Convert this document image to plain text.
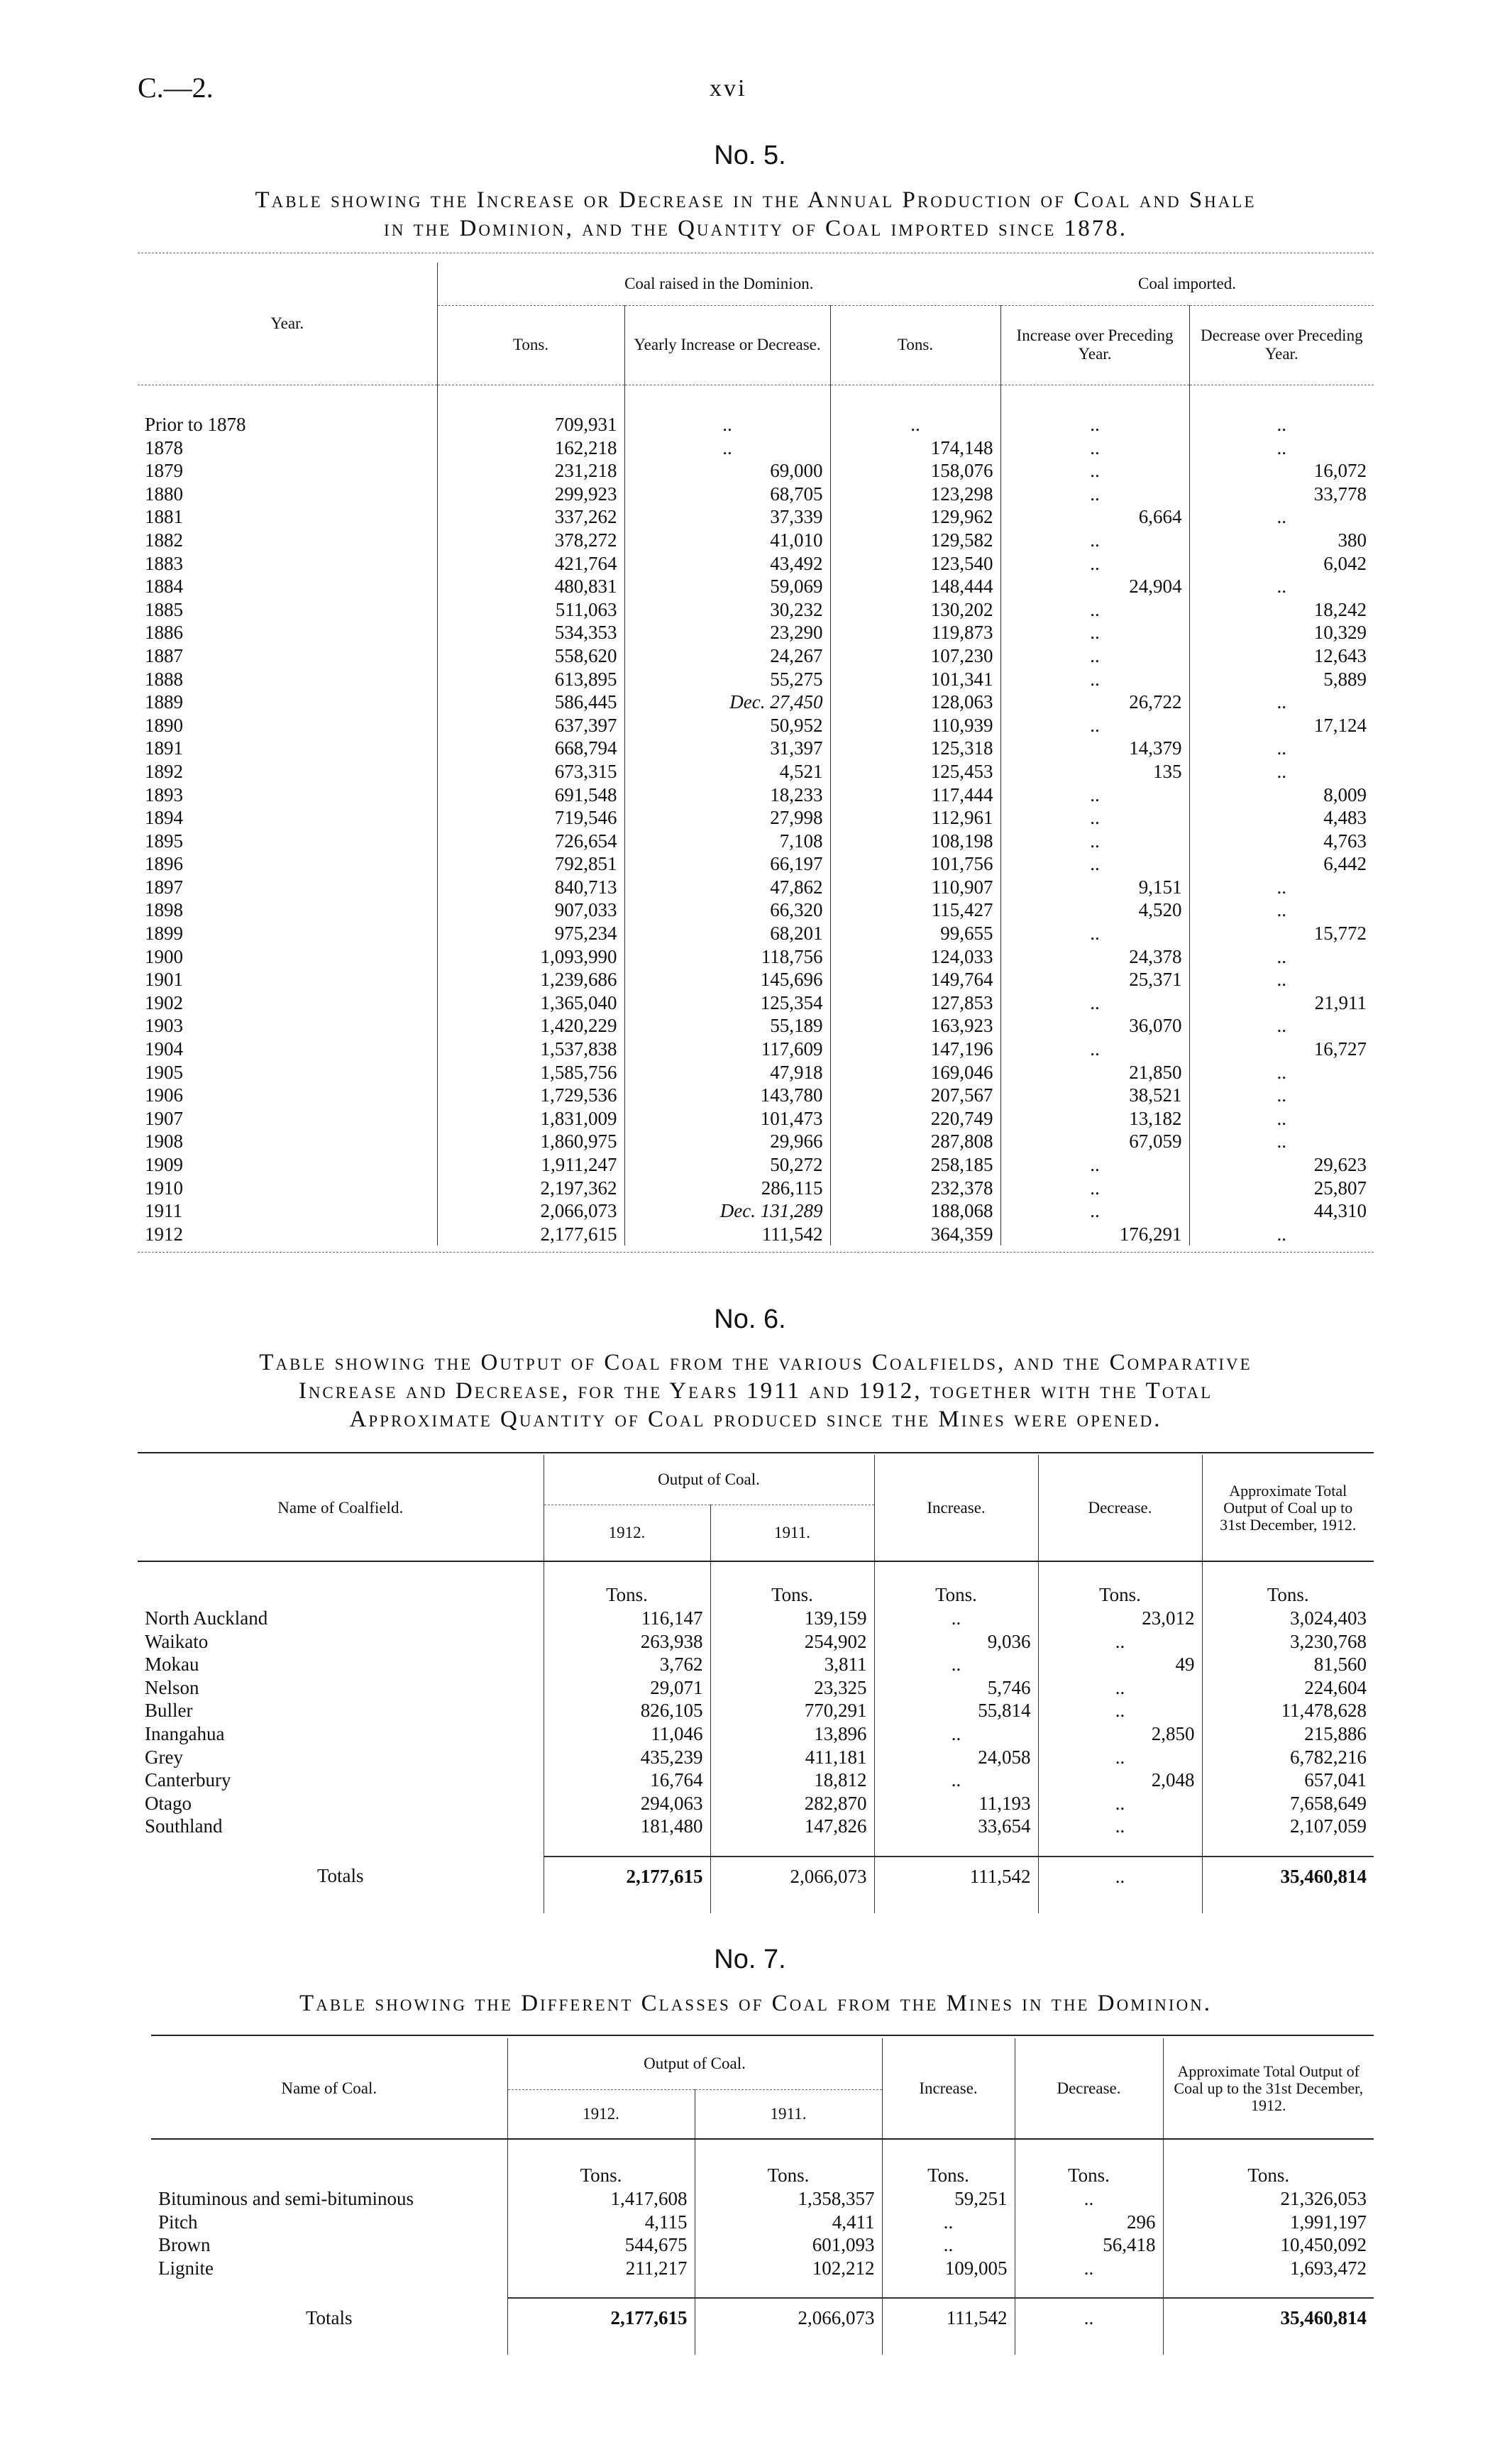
C.—2.	xvi
No. 5.
Table showing the Increase or Decrease in the Annual Production of Coal and Shale
in the Dominion, and the Quantity of Coal imported since 1878.
Year.	Coal raised in the Dominion.			Coal imported.	
	Tons.	Yearly Increase or Decrease.	Tons.	Increase over Preceding Year.	Decrease over Preceding Year.

Prior to 1878	709,931	..	..	..	..
1878	162,218	..	174,148	..	..
1879	231,218	69,000	158,076	..	16,072
1880	299,923	68,705	123,298	..	33,778
1881	337,262	37,339	129,962	6,664	..
1882	378,272	41,010	129,582	..	380
1883	421,764	43,492	123,540	..	6,042
1884	480,831	59,069	148,444	24,904	..
1885	511,063	30,232	130,202	..	18,242
1886	534,353	23,290	119,873	..	10,329
1887	558,620	24,267	107,230	..	12,643
1888	613,895	55,275	101,341	..	5,889
1889	586,445	Dec. 27,450	128,063	26,722	..
1890	637,397	50,952	110,939	..	17,124
1891	668,794	31,397	125,318	14,379	..
1892	673,315	4,521	125,453	135	..
1893	691,548	18,233	117,444	..	8,009
1894	719,546	27,998	112,961	..	4,483
1895	726,654	7,108	108,198	..	4,763
1896	792,851	66,197	101,756	..	6,442
1897	840,713	47,862	110,907	9,151	..
1898	907,033	66,320	115,427	4,520	..
1899	975,234	68,201	99,655	..	15,772
1900	1,093,990	118,756	124,033	24,378	..
1901	1,239,686	145,696	149,764	25,371	..
1902	1,365,040	125,354	127,853	..	21,911
1903	1,420,229	55,189	163,923	36,070	..
1904	1,537,838	117,609	147,196	..	16,727
1905	1,585,756	47,918	169,046	21,850	..
1906	1,729,536	143,780	207,567	38,521	..
1907	1,831,009	101,473	220,749	13,182	..
1908	1,860,975	29,966	287,808	67,059	..
1909	1,911,247	50,272	258,185	..	29,623
1910	2,197,362	286,115	232,378	..	25,807
1911	2,066,073	Dec. 131,289	188,068	..	44,310
1912	2,177,615	111,542	364,359	176,291	..
No. 6.
Table showing the Output of Coal from the various Coalfields, and the Comparative
Increase and Decrease, for the Years 1911 and 1912, together with the Total
Approximate Quantity of Coal produced since the Mines were opened.
Name of Coalfield.	Output of Coal.		Increase.	Decrease.	Approximate Total Output of Coal up to 31st December, 1912.
	1912.	1911.			

	Tons.	Tons.	Tons.	Tons.	Tons.
North Auckland	116,147	139,159	..	23,012	3,024,403
Waikato	263,938	254,902	9,036	..	3,230,768
Mokau	3,762	3,811	..	49	81,560
Nelson	29,071	23,325	5,746	..	224,604
Buller	826,105	770,291	55,814	..	11,478,628
Inangahua	11,046	13,896	..	2,850	215,886
Grey	435,239	411,181	24,058	..	6,782,216
Canterbury	16,764	18,812	..	2,048	657,041
Otago	294,063	282,870	11,193	..	7,658,649
Southland	181,480	147,826	33,654	..	2,107,059

Totals	2,177,615	2,066,073	111,542	..	35,460,814

No. 7.
Table showing the Different Classes of Coal from the Mines in the Dominion.
Name of Coal.	Output of Coal.		Increase.	Decrease.	Approximate Total Output of Coal up to the 31st December, 1912.
	1912.	1911.			

	Tons.	Tons.	Tons.	Tons.	Tons.
Bituminous and semi-bituminous	1,417,608	1,358,357	59,251	..	21,326,053
Pitch	4,115	4,411	..	296	1,991,197
Brown	544,675	601,093	..	56,418	10,450,092
Lignite	211,217	102,212	109,005	..	1,693,472

Totals	2,177,615	2,066,073	111,542	..	35,460,814
